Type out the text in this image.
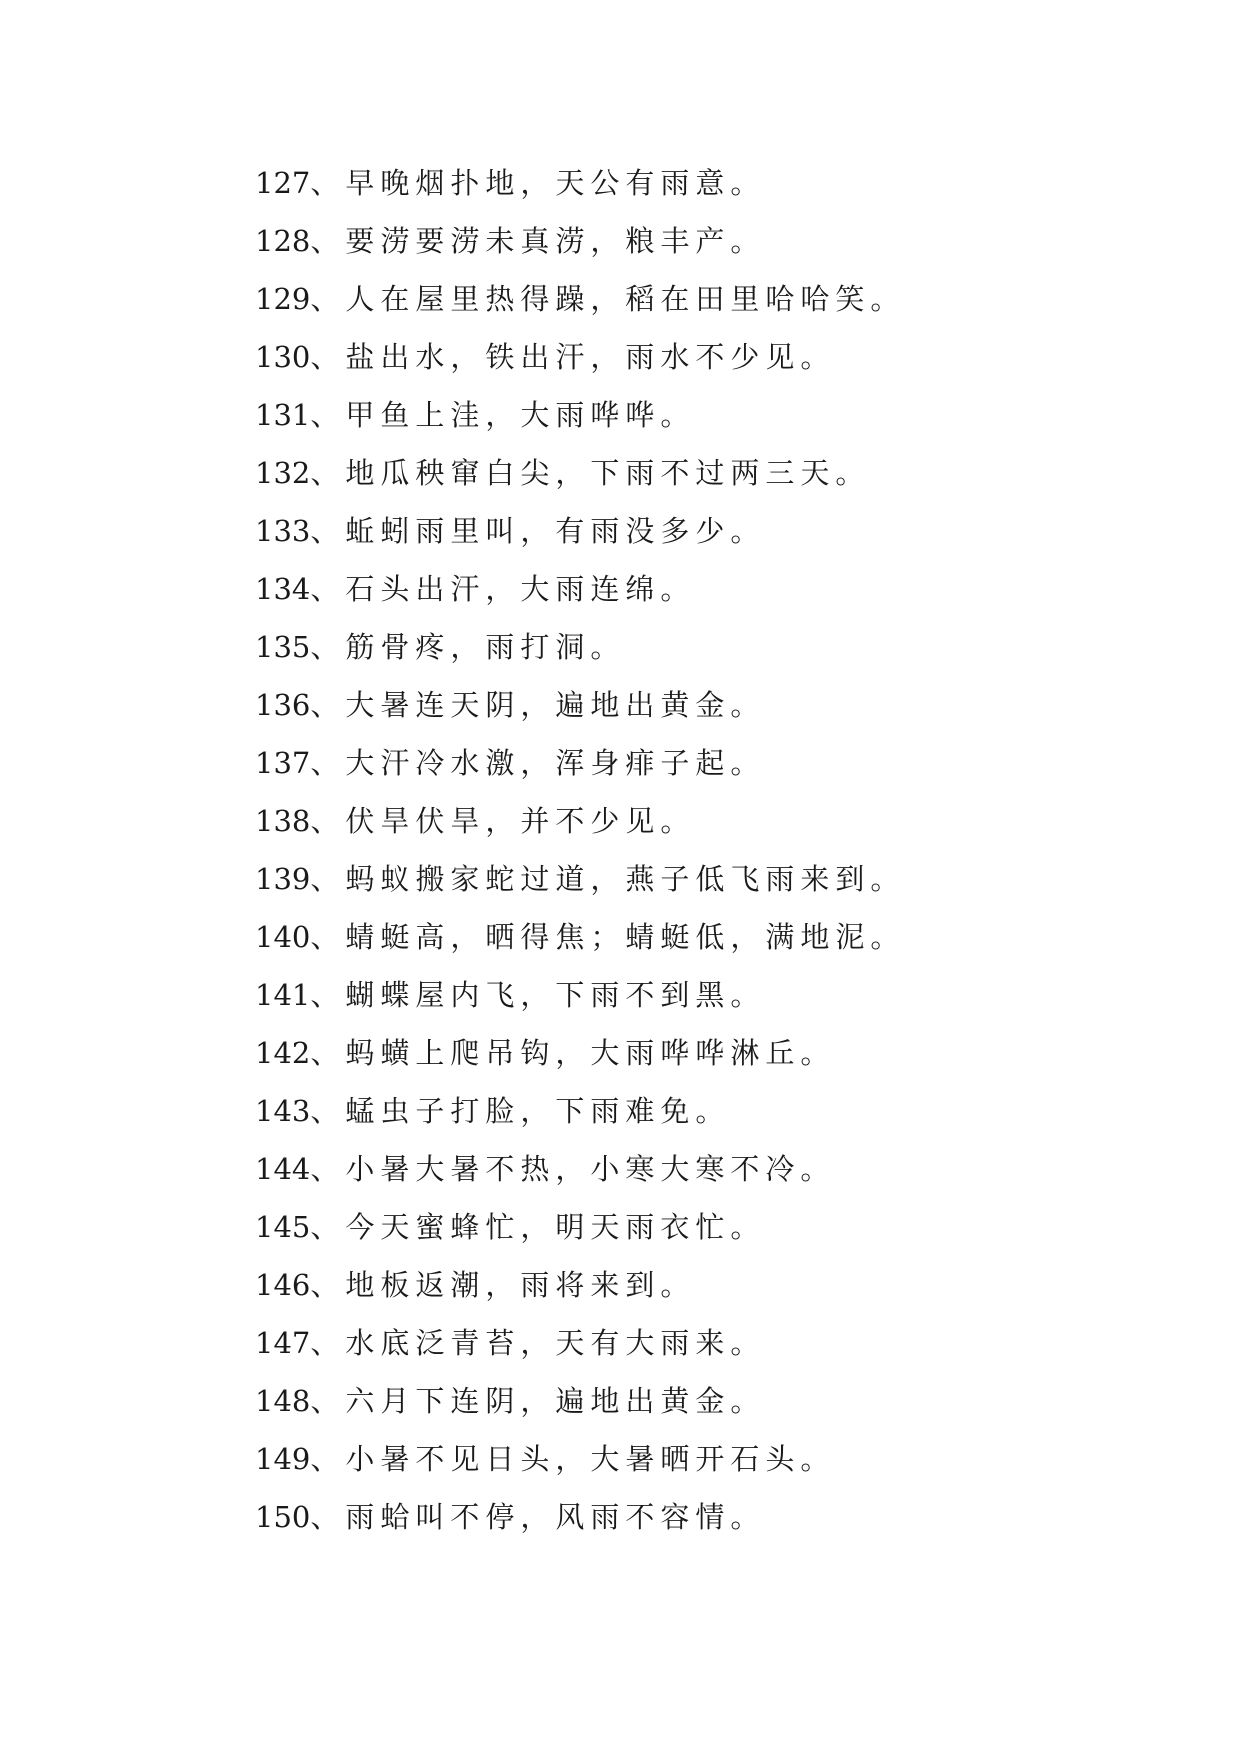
127、早晚烟扑地，天公有雨意。
128、要涝要涝未真涝，粮丰产。
129、人在屋里热得躁，稻在田里哈哈笑。
130、盐出水，铁出汗，雨水不少见。
131、甲鱼上洼，大雨哗哗。
132、地瓜秧窜白尖，下雨不过两三天。
133、蚯蚓雨里叫，有雨没多少。
134、石头出汗，大雨连绵。
135、筋骨疼，雨打洞。
136、大暑连天阴，遍地出黄金。
137、大汗冷水激，浑身痱子起。
138、伏旱伏旱，并不少见。
139、蚂蚁搬家蛇过道，燕子低飞雨来到。
140、蜻蜓高，晒得焦；蜻蜓低，满地泥。
141、蝴蝶屋内飞，下雨不到黑。
142、蚂蟥上爬吊钩，大雨哗哗淋丘。
143、蜢虫子打脸，下雨难免。
144、小暑大暑不热，小寒大寒不冷。
145、今天蜜蜂忙，明天雨衣忙。
146、地板返潮，雨将来到。
147、水底泛青苔，天有大雨来。
148、六月下连阴，遍地出黄金。
149、小暑不见日头，大暑晒开石头。
150、雨蛤叫不停，风雨不容情。
